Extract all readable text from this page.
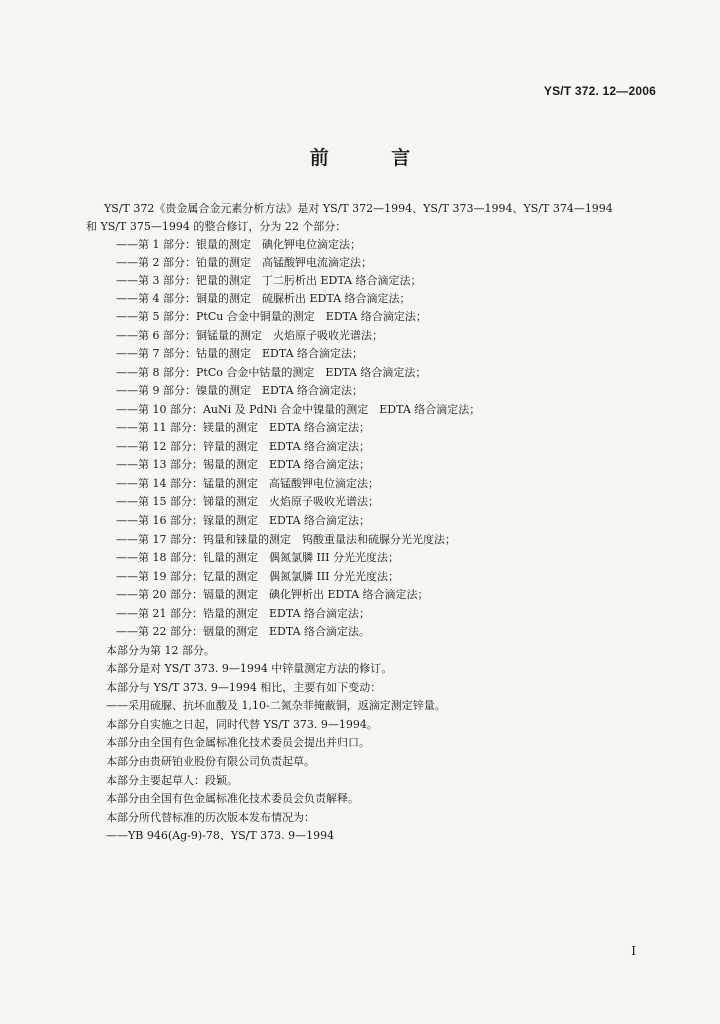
YS/T 372. 12—2006
前 言
YS/T 372《贵金属合金元素分析方法》是对 YS/T 372—1994、YS/T 373—1994、YS/T 374—1994
和 YS/T 375—1994 的整合修订，分为 22 个部分：
——第 1 部分：银量的测定　碘化钾电位滴定法；
——第 2 部分：铂量的测定　高锰酸钾电流滴定法；
——第 3 部分：钯量的测定　丁二肟析出 EDTA 络合滴定法；
——第 4 部分：铜量的测定　硫脲析出 EDTA 络合滴定法；
——第 5 部分：PtCu 合金中铜量的测定　EDTA 络合滴定法；
——第 6 部分：铜锰量的测定　火焰原子吸收光谱法；
——第 7 部分：钴量的测定　EDTA 络合滴定法；
——第 8 部分：PtCo 合金中钴量的测定　EDTA 络合滴定法；
——第 9 部分：镍量的测定　EDTA 络合滴定法；
——第 10 部分：AuNi 及 PdNi 合金中镍量的测定　EDTA 络合滴定法；
——第 11 部分：镁量的测定　EDTA 络合滴定法；
——第 12 部分：锌量的测定　EDTA 络合滴定法；
——第 13 部分：锡量的测定　EDTA 络合滴定法；
——第 14 部分：锰量的测定　高锰酸钾电位滴定法；
——第 15 部分：锑量的测定　火焰原子吸收光谱法；
——第 16 部分：镓量的测定　EDTA 络合滴定法；
——第 17 部分：钨量和铼量的测定　钨酸重量法和硫脲分光光度法；
——第 18 部分：钆量的测定　偶氮氯膦 III 分光光度法；
——第 19 部分：钇量的测定　偶氮氯膦 III 分光光度法；
——第 20 部分：镉量的测定　碘化钾析出 EDTA 络合滴定法；
——第 21 部分：锆量的测定　EDTA 络合滴定法；
——第 22 部分：铟量的测定　EDTA 络合滴定法。
本部分为第 12 部分。
本部分是对 YS/T 373. 9—1994 中锌量测定方法的修订。
本部分与 YS/T 373. 9—1994 相比，主要有如下变动：
——采用硫脲、抗坏血酸及 1,10-二氮杂菲掩蔽铜，返滴定测定锌量。
本部分自实施之日起，同时代替 YS/T 373. 9—1994。
本部分由全国有色金属标准化技术委员会提出并归口。
本部分由贵研铂业股份有限公司负责起草。
本部分主要起草人：段颖。
本部分由全国有色金属标准化技术委员会负责解释。
本部分所代替标准的历次版本发布情况为：
——YB 946(Ag-9)-78、YS/T 373. 9—1994
I
